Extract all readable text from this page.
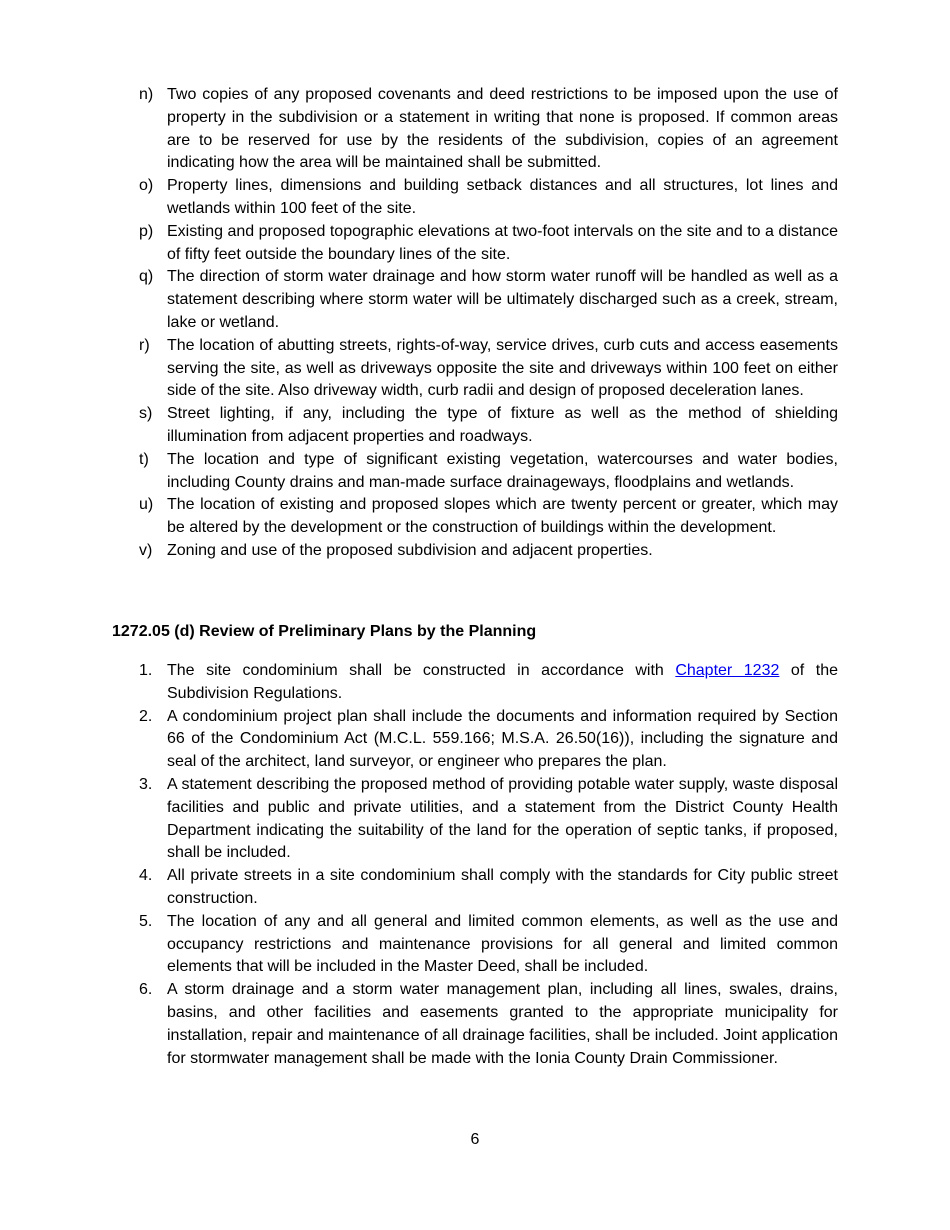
n) Two copies of any proposed covenants and deed restrictions to be imposed upon the use of property in the subdivision or a statement in writing that none is proposed. If common areas are to be reserved for use by the residents of the subdivision, copies of an agreement indicating how the area will be maintained shall be submitted.
o) Property lines, dimensions and building setback distances and all structures, lot lines and wetlands within 100 feet of the site.
p) Existing and proposed topographic elevations at two-foot intervals on the site and to a distance of fifty feet outside the boundary lines of the site.
q) The direction of storm water drainage and how storm water runoff will be handled as well as a statement describing where storm water will be ultimately discharged such as a creek, stream, lake or wetland.
r) The location of abutting streets, rights-of-way, service drives, curb cuts and access easements serving the site, as well as driveways opposite the site and driveways within 100 feet on either side of the site. Also driveway width, curb radii and design of proposed deceleration lanes.
s) Street lighting, if any, including the type of fixture as well as the method of shielding illumination from adjacent properties and roadways.
t) The location and type of significant existing vegetation, watercourses and water bodies, including County drains and man-made surface drainageways, floodplains and wetlands.
u) The location of existing and proposed slopes which are twenty percent or greater, which may be altered by the development or the construction of buildings within the development.
v) Zoning and use of the proposed subdivision and adjacent properties.
1272.05 (d) Review of Preliminary Plans by the Planning
1. The site condominium shall be constructed in accordance with Chapter 1232 of the Subdivision Regulations.
2. A condominium project plan shall include the documents and information required by Section 66 of the Condominium Act (M.C.L. 559.166; M.S.A. 26.50(16)), including the signature and seal of the architect, land surveyor, or engineer who prepares the plan.
3. A statement describing the proposed method of providing potable water supply, waste disposal facilities and public and private utilities, and a statement from the District County Health Department indicating the suitability of the land for the operation of septic tanks, if proposed, shall be included.
4. All private streets in a site condominium shall comply with the standards for City public street construction.
5. The location of any and all general and limited common elements, as well as the use and occupancy restrictions and maintenance provisions for all general and limited common elements that will be included in the Master Deed, shall be included.
6. A storm drainage and a storm water management plan, including all lines, swales, drains, basins, and other facilities and easements granted to the appropriate municipality for installation, repair and maintenance of all drainage facilities, shall be included. Joint application for stormwater management shall be made with the Ionia County Drain Commissioner.
6
